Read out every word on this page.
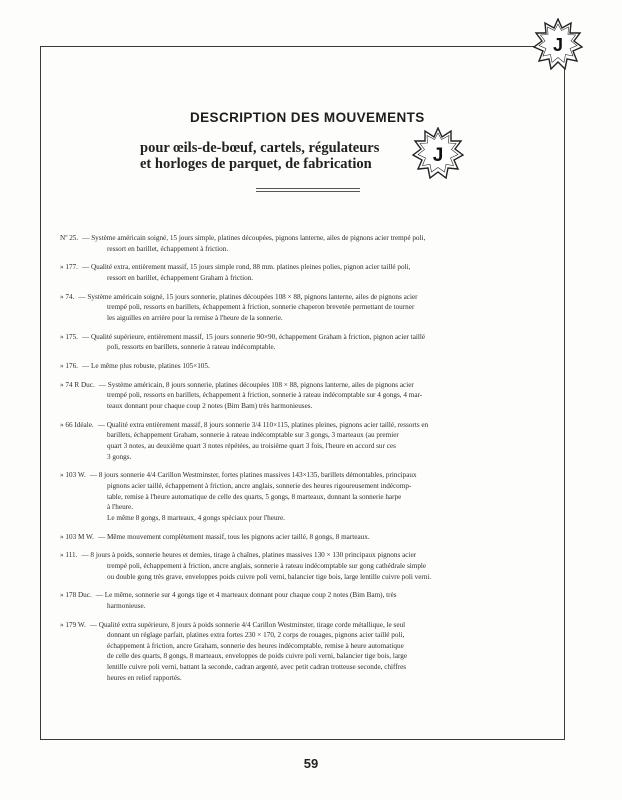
J
DESCRIPTION DES MOUVEMENTS
pour œils-de-bœuf, cartels, régulateurs
et horloges de parquet, de fabrication	J
Nº 25. — Système américain soigné, 15 jours simple, platines découpées, pignons lanterne, ailes de pignons acier trempé poli,
ressort en barillet, échappement à friction.

» 177. — Qualité extra, entièrement massif, 15 jours simple rond, 88 mm. platines pleines polies, pignon acier taillé poli,
ressort en barillet, échappement Graham à friction.

» 74. — Système américain soigné, 15 jours sonnerie, platines découpées 108 × 88, pignons lanterne, ailes de pignons acier
trempé poli, ressorts en barillets, échappement à friction, sonnerie chaperon brevetée permettant de tourner
les aiguilles en arrière pour la remise à l'heure de la sonnerie.

» 175. — Qualité supérieure, entièrement massif, 15 jours sonnerie 90×90, échappement Graham à friction, pignon acier taillé
poli, ressorts en barillets, sonnerie à rateau indécomptable.

» 176. — Le même plus robuste, platines 105×105.

» 74 R Duc. — Système américain, 8 jours sonnerie, platines découpées 108 × 88, pignons lanterne, ailes de pignons acier
trempé poli, ressorts en barillets, échappement à friction, sonnerie à rateau indécomptable sur 4 gongs, 4 mar-
teaux donnant pour chaque coup 2 notes (Bim Bam) très harmonieuses.

» 66 Idéale. — Qualité extra entièrement massif, 8 jours sonnerie 3/4 110×115, platines pleines, pignons acier taillé, ressorts en
barillets, échappement Graham, sonnerie à rateau indécomptable sur 3 gongs, 3 marteaux (au premier
quart 3 notes, au deuxième quart 3 notes répétées, au troisième quart 3 fois, l'heure en accord sur ces
3 gongs.

» 103 W. — 8 jours sonnerie 4/4 Carillon Westminster, fortes platines massives 143×135, barillets démontables, principaux
pignons acier taillé, échappement à friction, ancre anglais, sonnerie des heures rigoureusement indécomp-
table, remise à l'heure automatique de celle des quarts, 5 gongs, 8 marteaux, donnant la sonnerie harpe
à l'heure.
Le même 8 gongs, 8 marteaux, 4 gongs spéciaux pour l'heure.

» 103 M W. — Même mouvement complètement massif, tous les pignons acier taillé, 8 gongs, 8 marteaux.

» 111. — 8 jours à poids, sonnerie heures et demies, tirage à chaînes, platines massives 130 × 130 principaux pignons acier
trempé poli, échappement à friction, ancre anglais, sonnerie à rateau indécomptable sur gong cathédrale simple
ou double gong très grave, enveloppes poids cuivre poli verni, balancier tige bois, large lentille cuivre poli verni.

» 178 Duc. — Le même, sonnerie sur 4 gongs tige et 4 marteaux donnant pour chaque coup 2 notes (Bim Bam), très
harmonieuse.

» 179 W. — Qualité extra supérieure, 8 jours à poids sonnerie 4/4 Carillon Westminster, tirage corde métallique, le seul
donnant un réglage parfait, platines extra fortes 230 × 170, 2 corps de rouages, pignons acier taillé poli,
échappement à friction, ancre Graham, sonnerie des heures indécomptable, remise à heure automatique
de celle des quarts, 8 gongs, 8 marteaux, enveloppes de poids cuivre poli verni, balancier tige bois, large
lentille cuivre poli verni, battant la seconde, cadran argenté, avec petit cadran trotteuse seconde, chiffres
heures en relief rapportés.

59
